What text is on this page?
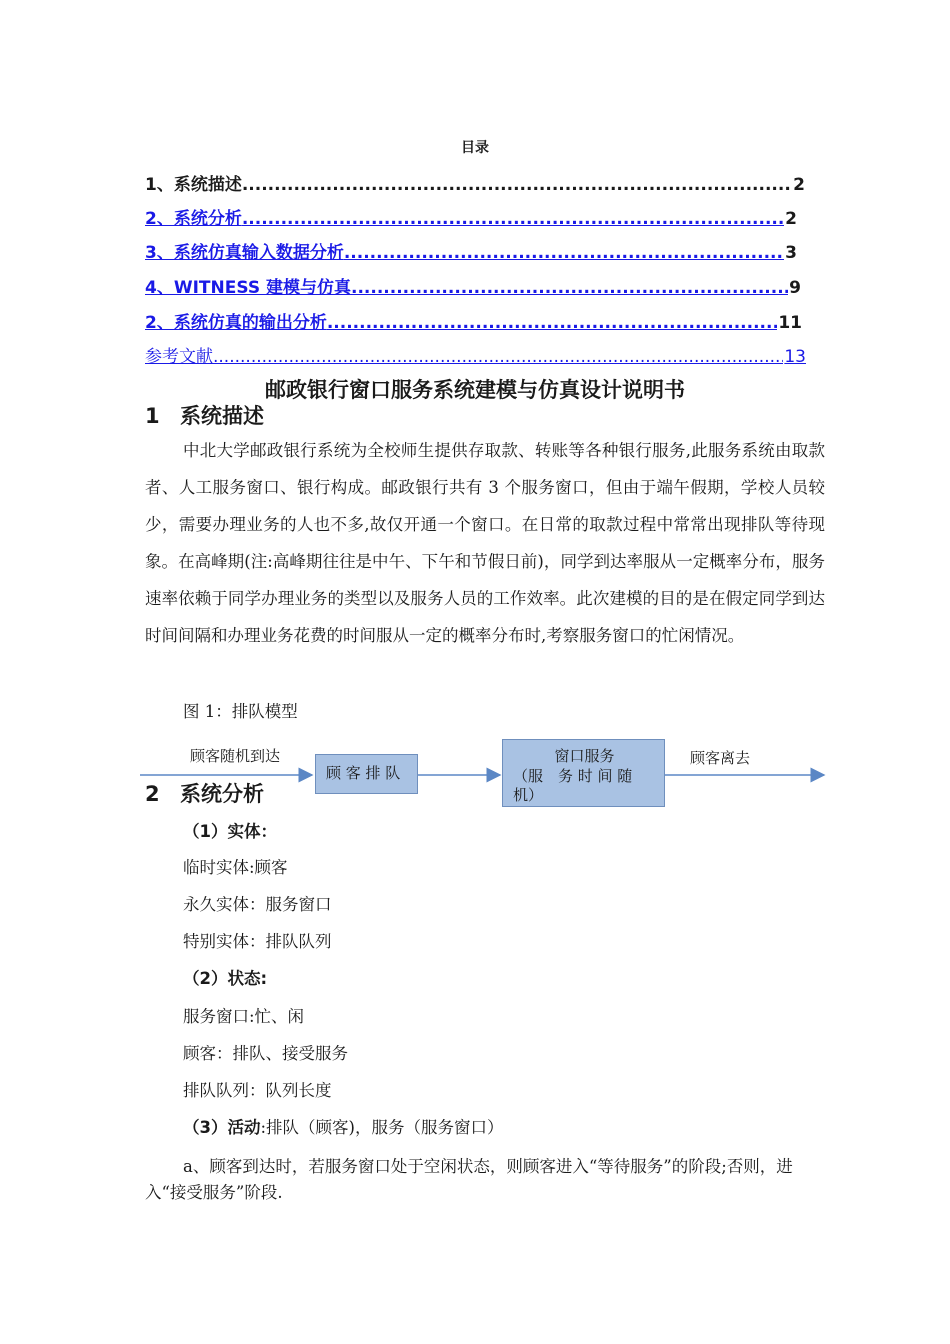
目录
1、系统描述 .....	2
2、系统分析 .....	2
3、系统仿真输入数据分析 .....	3
4、WITNESS 建模与仿真 .....	9
2、系统仿真的输出分析 .....	11
参考文献 .....	13
邮政银行窗口服务系统建模与仿真设计说明书
1 系统描述
中北大学邮政银行系统为全校师生提供存取款、转账等各种银行服务,此服务系统由取款者、人工服务窗口、银行构成。邮政银行共有 3 个服务窗口，但由于端午假期，学校人员较少，需要办理业务的人也不多,故仅开通一个窗口。在日常的取款过程中常常出现排队等待现象。在高峰期(注:高峰期往往是中午、下午和节假日前)，同学到达率服从一定概率分布，服务速率依赖于同学办理业务的类型以及服务人员的工作效率。此次建模的目的是在假定同学到达时间间隔和办理业务花费的时间服从一定的概率分布时,考察服务窗口的忙闲情况。
图 1：排队模型
顾客随机到达
顾 客 排 队
窗口服务
（服　务 时 间 随
机）
顾客离去
2 系统分析
（1）实体：
临时实体:顾客
永久实体：服务窗口
特别实体：排队队列
（2）状态:
服务窗口:忙、闲
顾客：排队、接受服务
排队队列：队列长度
（3）活动:排队（顾客)，服务（服务窗口）
a、顾客到达时，若服务窗口处于空闲状态，则顾客进入“等待服务”的阶段;否则，进入“接受服务”阶段.
